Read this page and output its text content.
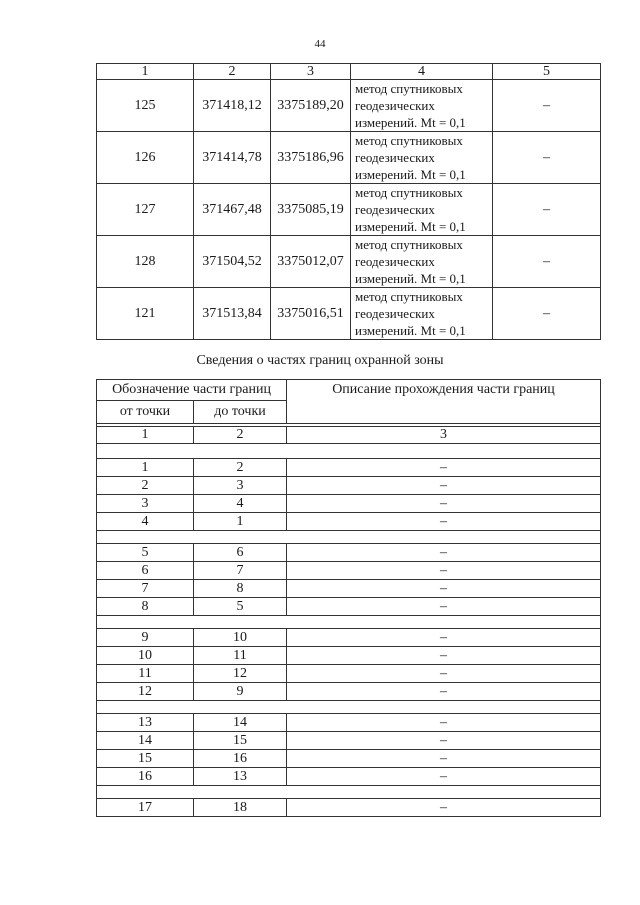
44
1	2	3	4	5
125	371418,12	3375189,20	метод спутниковых
геодезических
измерений. Mt = 0,1	–
126	371414,78	3375186,96	метод спутниковых
геодезических
измерений. Mt = 0,1	–
127	371467,48	3375085,19	метод спутниковых
геодезических
измерений. Mt = 0,1	–
128	371504,52	3375012,07	метод спутниковых
геодезических
измерений. Mt = 0,1	–
121	371513,84	3375016,51	метод спутниковых
геодезических
измерений. Mt = 0,1	–
Сведения о частях границ охранной зоны
Обозначение части границ		Описание прохождения части границ
от точки	до точки	

1	2	3

1	2	–
2	3	–
3	4	–
4	1	–

5	6	–
6	7	–
7	8	–
8	5	–

9	10	–
10	11	–
11	12	–
12	9	–

13	14	–
14	15	–
15	16	–
16	13	–

17	18	–
